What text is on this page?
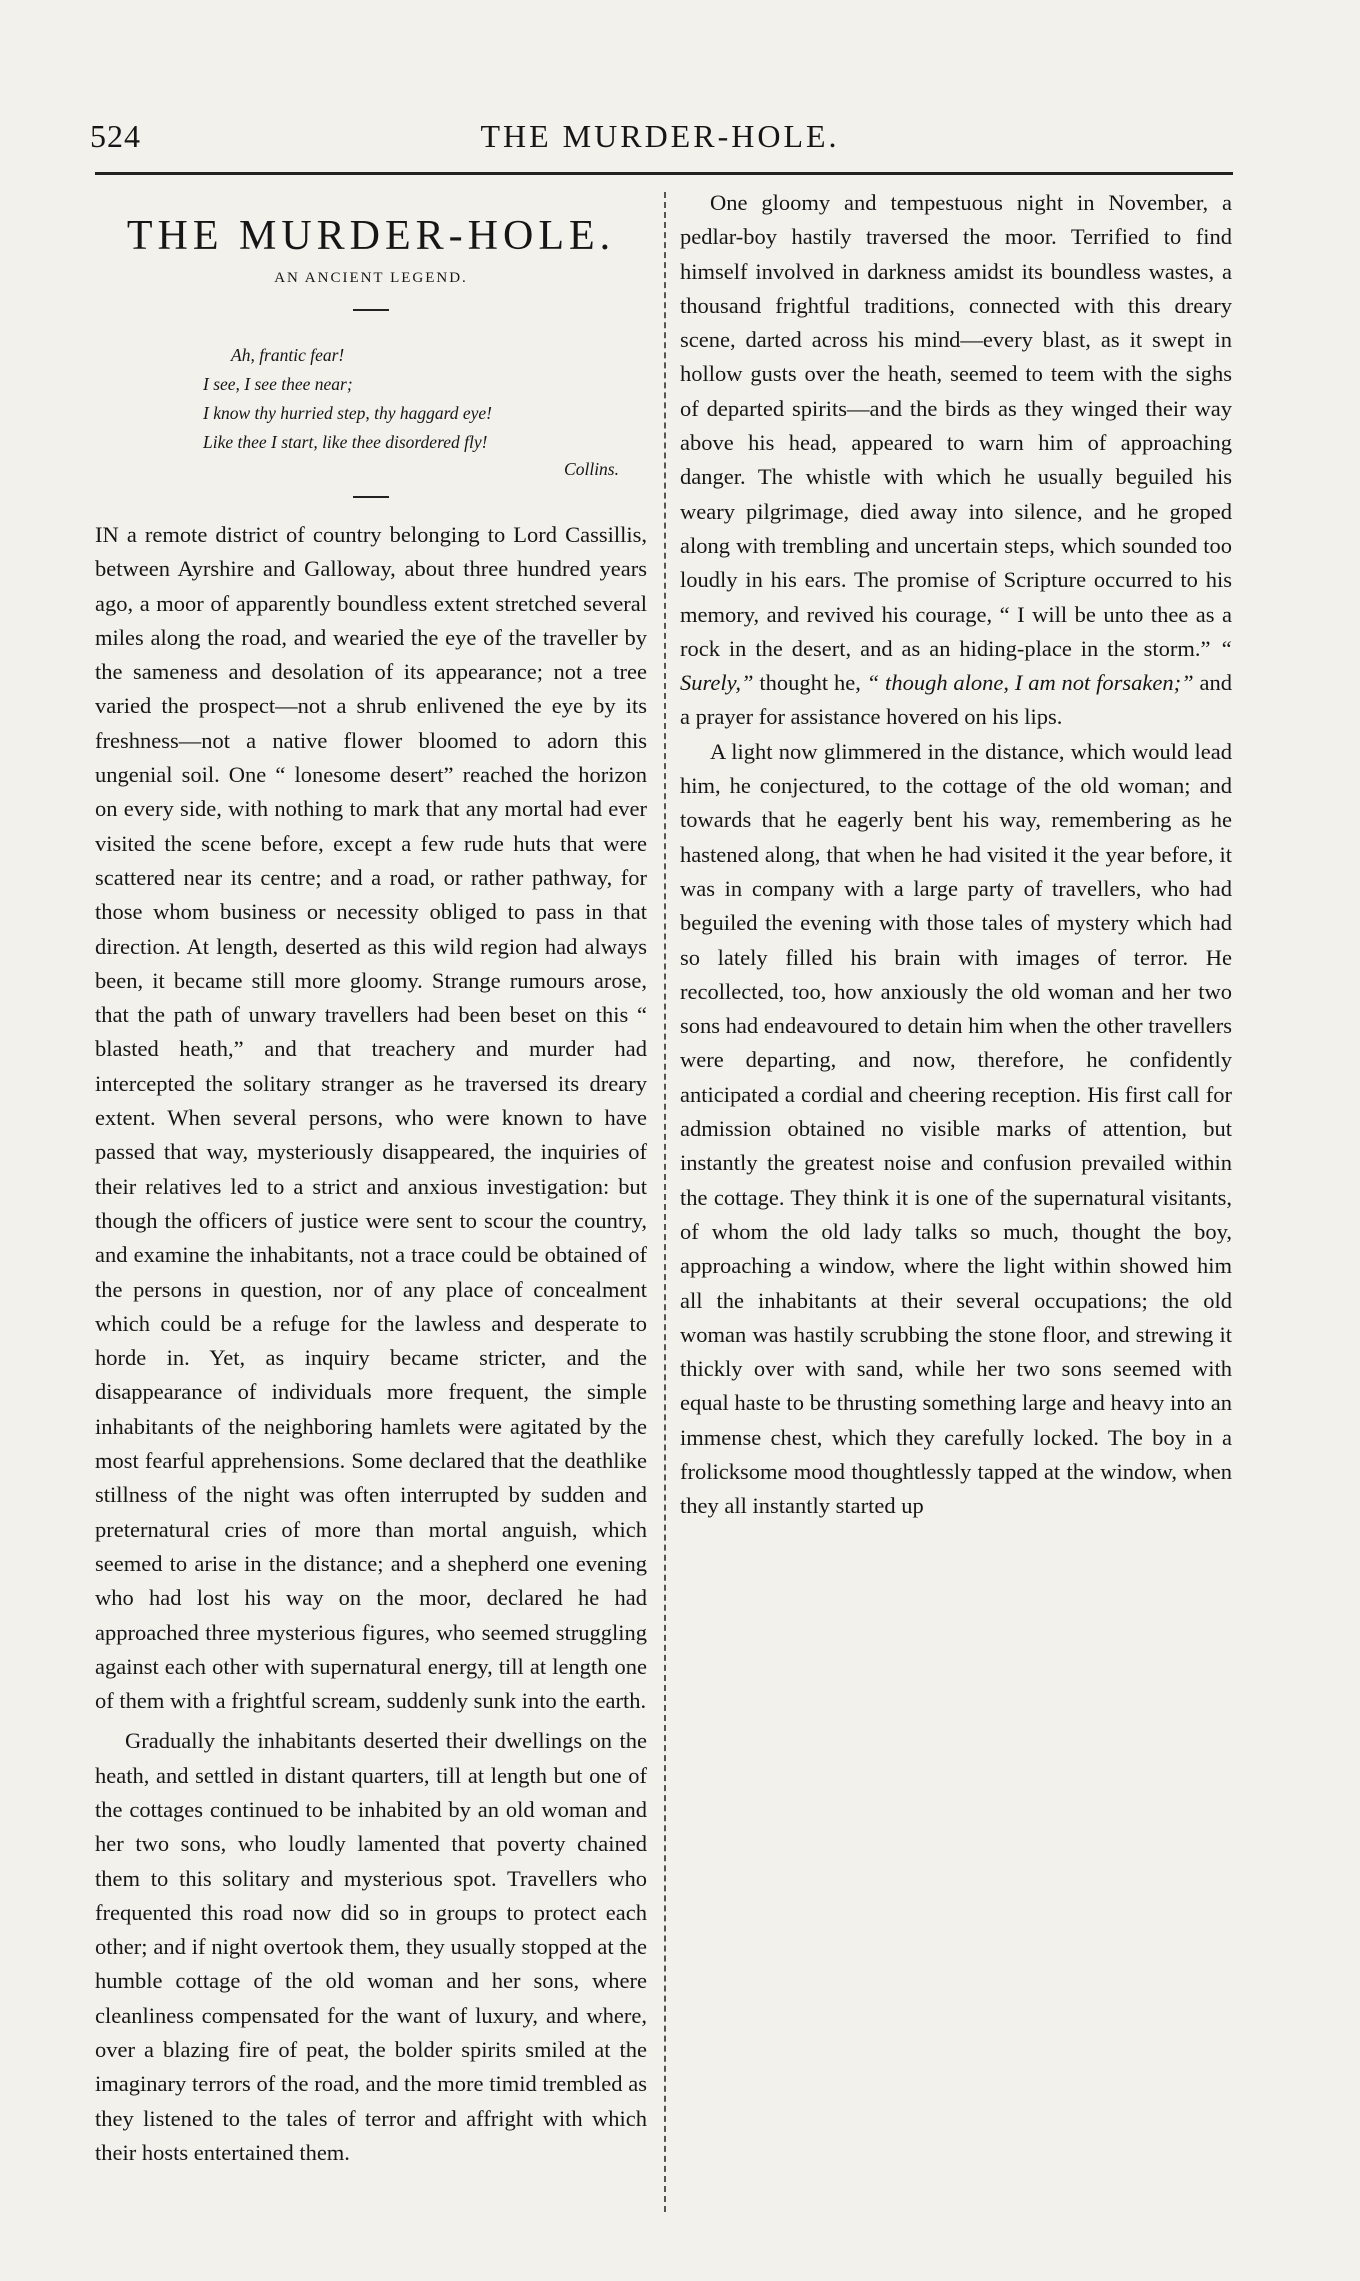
524	THE MURDER-HOLE.
THE MURDER-HOLE.
AN ANCIENT LEGEND.
Ah, frantic fear!
I see, I see thee near;
I know thy hurried step, thy haggard eye!
Like thee I start, like thee disordered fly!
Collins.

IN a remote district of country belonging to Lord Cassillis, between Ayrshire and Galloway, about three hundred years ago, a moor of apparently boundless extent stretched several miles along the road, and wearied the eye of the traveller by the sameness and desolation of its appearance; not a tree varied the prospect—not a shrub enlivened the eye by its freshness—not a native flower bloomed to adorn this ungenial soil. One “ lonesome desert” reached the horizon on every side, with nothing to mark that any mortal had ever visited the scene before, except a few rude huts that were scattered near its centre; and a road, or rather pathway, for those whom business or necessity obliged to pass in that direction. At length, deserted as this wild region had always been, it became still more gloomy. Strange rumours arose, that the path of unwary travellers had been beset on this “ blasted heath,” and that treachery and murder had intercepted the solitary stranger as he traversed its dreary extent. When several persons, who were known to have passed that way, mysteriously disappeared, the inquiries of their relatives led to a strict and anxious investigation: but though the officers of justice were sent to scour the country, and examine the inhabitants, not a trace could be obtained of the persons in question, nor of any place of concealment which could be a refuge for the lawless and desperate to horde in. Yet, as inquiry became stricter, and the disappearance of individuals more frequent, the simple inhabitants of the neighboring hamlets were agitated by the most fearful apprehensions. Some declared that the deathlike stillness of the night was often interrupted by sudden and preternatural cries of more than mortal anguish, which seemed to arise in the distance; and a shepherd one evening who had lost his way on the moor, declared he had approached three mysterious figures, who seemed struggling against each other with supernatural energy, till at length one of them with a frightful scream, suddenly sunk into the earth.

Gradually the inhabitants deserted their dwellings on the heath, and settled in distant quarters, till at length but one of the cottages continued to be inhabited by an old woman and her two sons, who loudly lamented that poverty chained them to this solitary and mysterious spot. Travellers who frequented this road now did so in groups to protect each other; and if night overtook them, they usually stopped at the humble cottage of the old woman and her sons, where cleanliness compensated for the want of luxury, and where, over a blazing fire of peat, the bolder spirits smiled at the imaginary terrors of the road, and the more timid trembled as they listened to the tales of terror and affright with which their hosts entertained them.

One gloomy and tempestuous night in November, a pedlar-boy hastily traversed the moor. Terrified to find himself involved in darkness amidst its boundless wastes, a thousand frightful traditions, connected with this dreary scene, darted across his mind—every blast, as it swept in hollow gusts over the heath, seemed to teem with the sighs of departed spirits—and the birds as they winged their way above his head, appeared to warn him of approaching danger. The whistle with which he usually beguiled his weary pilgrimage, died away into silence, and he groped along with trembling and uncertain steps, which sounded too loudly in his ears. The promise of Scripture occurred to his memory, and revived his courage, “ I will be unto thee as a rock in the desert, and as an hiding-place in the storm.” “ Surely,” thought he, “ though alone, I am not forsaken;” and a prayer for assistance hovered on his lips.

A light now glimmered in the distance, which would lead him, he conjectured, to the cottage of the old woman; and towards that he eagerly bent his way, remembering as he hastened along, that when he had visited it the year before, it was in company with a large party of travellers, who had beguiled the evening with those tales of mystery which had so lately filled his brain with images of terror. He recollected, too, how anxiously the old woman and her two sons had endeavoured to detain him when the other travellers were departing, and now, therefore, he confidently anticipated a cordial and cheering reception. His first call for admission obtained no visible marks of attention, but instantly the greatest noise and confusion prevailed within the cottage. They think it is one of the supernatural visitants, of whom the old lady talks so much, thought the boy, approaching a window, where the light within showed him all the inhabitants at their several occupations; the old woman was hastily scrubbing the stone floor, and strewing it thickly over with sand, while her two sons seemed with equal haste to be thrusting something large and heavy into an immense chest, which they carefully locked. The boy in a frolicksome mood thoughtlessly tapped at the window, when they all instantly started up
